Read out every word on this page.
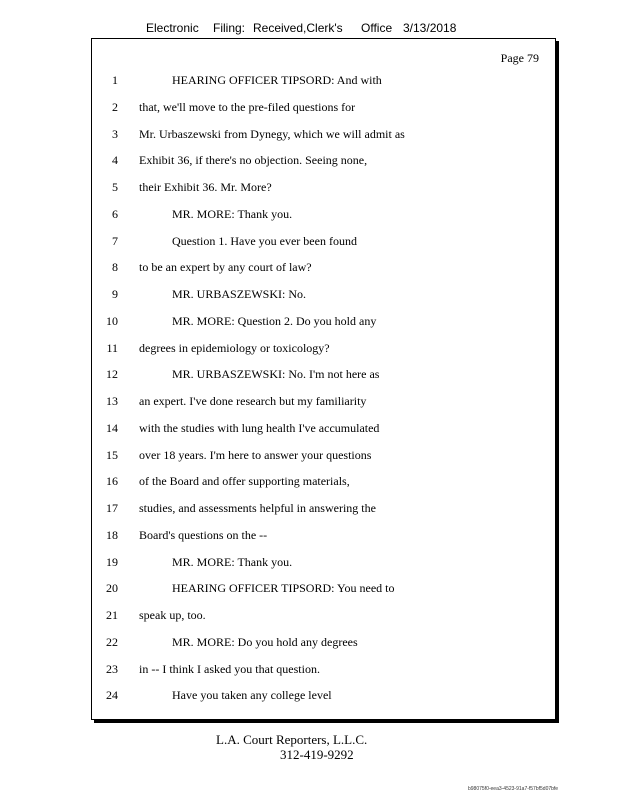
Electronic Filing: Received,Clerk's Office 3/13/2018
Page 79
1	HEARING OFFICER TIPSORD: And with
2 that, we'll move to the pre-filed questions for
3 Mr. Urbaszewski from Dynegy, which we will admit as
4 Exhibit 36, if there's no objection. Seeing none,
5 their Exhibit 36. Mr. More?
6	MR. MORE: Thank you.
7	Question 1. Have you ever been found
8 to be an expert by any court of law?
9	MR. URBASZEWSKI: No.
10	MR. MORE: Question 2. Do you hold any
11 degrees in epidemiology or toxicology?
12	MR. URBASZEWSKI: No. I'm not here as
13 an expert. I've done research but my familiarity
14 with the studies with lung health I've accumulated
15 over 18 years. I'm here to answer your questions
16 of the Board and offer supporting materials,
17 studies, and assessments helpful in answering the
18 Board's questions on the --
19	MR. MORE: Thank you.
20	HEARING OFFICER TIPSORD: You need to
21 speak up, too.
22	MR. MORE: Do you hold any degrees
23 in -- I think I asked you that question.
24	Have you taken any college level
L.A. Court Reporters, L.L.C.
312-419-9292
b98075f0-eea3-4523-91a7-f57bf5d07bfe
